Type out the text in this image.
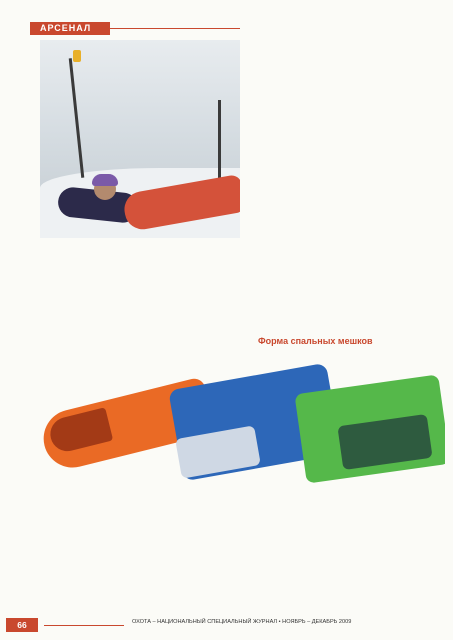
АРСЕНАЛ

Форма спальных мешков

66	ОХОТА – НАЦИОНАЛЬНЫЙ СПЕЦИАЛЬНЫЙ ЖУРНАЛ • НОЯБРЬ – ДЕКАБРЬ 2009
